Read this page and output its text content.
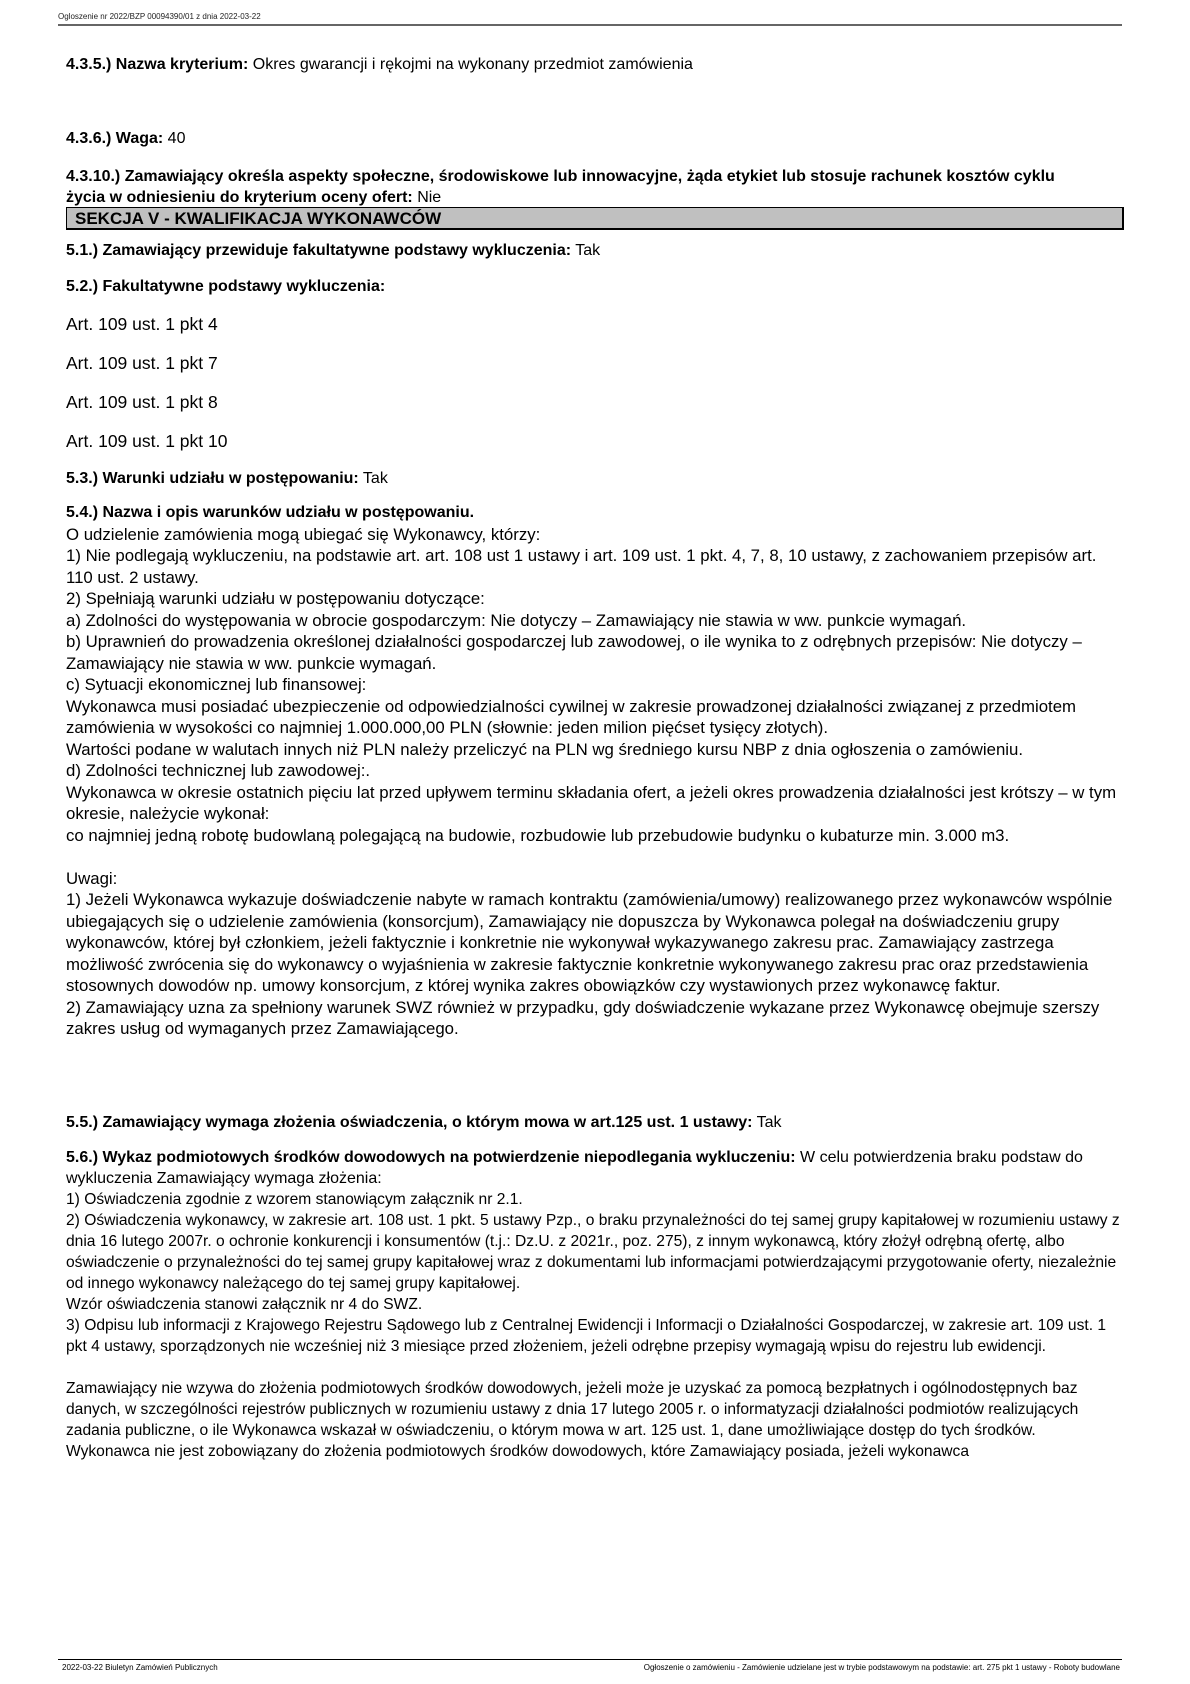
Ogloszenie nr 2022/BZP 00094390/01 z dnia 2022-03-22
4.3.5.) Nazwa kryterium: Okres gwarancji i rękojmi na wykonany przedmiot zamówienia
4.3.6.) Waga: 40
4.3.10.) Zamawiający określa aspekty społeczne, środowiskowe lub innowacyjne, żąda etykiet lub stosuje rachunek kosztów cyklu życia w odniesieniu do kryterium oceny ofert: Nie
SEKCJA V - KWALIFIKACJA WYKONAWCÓW
5.1.) Zamawiający przewiduje fakultatywne podstawy wykluczenia: Tak
5.2.) Fakultatywne podstawy wykluczenia:
Art. 109 ust. 1 pkt 4
Art. 109 ust. 1 pkt 7
Art. 109 ust. 1 pkt 8
Art. 109 ust. 1 pkt 10
5.3.) Warunki udziału w postępowaniu: Tak
5.4.) Nazwa i opis warunków udziału w postępowaniu.
O udzielenie zamówienia mogą ubiegać się Wykonawcy, którzy:
1) Nie podlegają wykluczeniu, na podstawie art. art. 108 ust 1 ustawy i art. 109 ust. 1 pkt. 4, 7, 8, 10 ustawy, z zachowaniem przepisów art. 110 ust. 2 ustawy.
2) Spełniają warunki udziału w postępowaniu dotyczące:
a) Zdolności do występowania w obrocie gospodarczym: Nie dotyczy – Zamawiający nie stawia w ww. punkcie wymagań.
b) Uprawnień do prowadzenia określonej działalności gospodarczej lub zawodowej, o ile wynika to z odrębnych przepisów: Nie dotyczy – Zamawiający nie stawia w ww. punkcie wymagań.
c) Sytuacji ekonomicznej lub finansowej:
Wykonawca musi posiadać ubezpieczenie od odpowiedzialności cywilnej w zakresie prowadzonej działalności związanej z przedmiotem zamówienia w wysokości co najmniej 1.000.000,00 PLN (słownie: jeden milion pięćset tysięcy złotych).
Wartości podane w walutach innych niż PLN należy przeliczyć na PLN wg średniego kursu NBP z dnia ogłoszenia o zamówieniu.
d) Zdolności technicznej lub zawodowej:.
Wykonawca w okresie ostatnich pięciu lat przed upływem terminu składania ofert, a jeżeli okres prowadzenia działalności jest krótszy – w tym okresie, należycie wykonał:
co najmniej jedną robotę budowlaną polegającą na budowie, rozbudowie lub przebudowie budynku o kubaturze min. 3.000 m3.
Uwagi:
1) Jeżeli Wykonawca wykazuje doświadczenie nabyte w ramach kontraktu (zamówienia/umowy) realizowanego przez wykonawców wspólnie ubiegających się o udzielenie zamówienia (konsorcjum), Zamawiający nie dopuszcza by Wykonawca polegał na doświadczeniu grupy wykonawców, której był członkiem, jeżeli faktycznie i konkretnie nie wykonywał wykazywanego zakresu prac. Zamawiający zastrzega możliwość zwrócenia się do wykonawcy o wyjaśnienia w zakresie faktycznie konkretnie wykonywanego zakresu prac oraz przedstawienia stosownych dowodów np. umowy konsorcjum, z której wynika zakres obowiązków czy wystawionych przez wykonawcę faktur.
2) Zamawiający uzna za spełniony warunek SWZ również w przypadku, gdy doświadczenie wykazane przez Wykonawcę obejmuje szerszy zakres usług od wymaganych przez Zamawiającego.
5.5.) Zamawiający wymaga złożenia oświadczenia, o którym mowa w art.125 ust. 1 ustawy: Tak
5.6.) Wykaz podmiotowych środków dowodowych na potwierdzenie niepodlegania wykluczeniu: W celu potwierdzenia braku podstaw do wykluczenia Zamawiający wymaga złożenia:
1) Oświadczenia zgodnie z wzorem stanowiącym załącznik nr 2.1.
2) Oświadczenia wykonawcy, w zakresie art. 108 ust. 1 pkt. 5 ustawy Pzp., o braku przynależności do tej samej grupy kapitałowej w rozumieniu ustawy z dnia 16 lutego 2007r. o ochronie konkurencji i konsumentów (t.j.: Dz.U. z 2021r., poz. 275), z innym wykonawcą, który złożył odrębną ofertę, albo oświadczenie o przynależności do tej samej grupy kapitałowej wraz z dokumentami lub informacjami potwierdzającymi przygotowanie oferty, niezależnie od innego wykonawcy należącego do tej samej grupy kapitałowej.
Wzór oświadczenia stanowi załącznik nr 4 do SWZ.
3) Odpisu lub informacji z Krajowego Rejestru Sądowego lub z Centralnej Ewidencji i Informacji o Działalności Gospodarczej, w zakresie art. 109 ust. 1 pkt 4 ustawy, sporządzonych nie wcześniej niż 3 miesiące przed złożeniem, jeżeli odrębne przepisy wymagają wpisu do rejestru lub ewidencji.
Zamawiający nie wzywa do złożenia podmiotowych środków dowodowych, jeżeli może je uzyskać za pomocą bezpłatnych i ogólnodostępnych baz danych, w szczególności rejestrów publicznych w rozumieniu ustawy z dnia 17 lutego 2005 r. o informatyzacji działalności podmiotów realizujących zadania publiczne, o ile Wykonawca wskazał w oświadczeniu, o którym mowa w art. 125 ust. 1, dane umożliwiające dostęp do tych środków.
Wykonawca nie jest zobowiązany do złożenia podmiotowych środków dowodowych, które Zamawiający posiada, jeżeli wykonawca
2022-03-22 Biuletyn Zamówień Publicznych	Ogłoszenie o zamówieniu - Zamówienie udzielane jest w trybie podstawowym na podstawie: art. 275 pkt 1 ustawy - Roboty budowlane
